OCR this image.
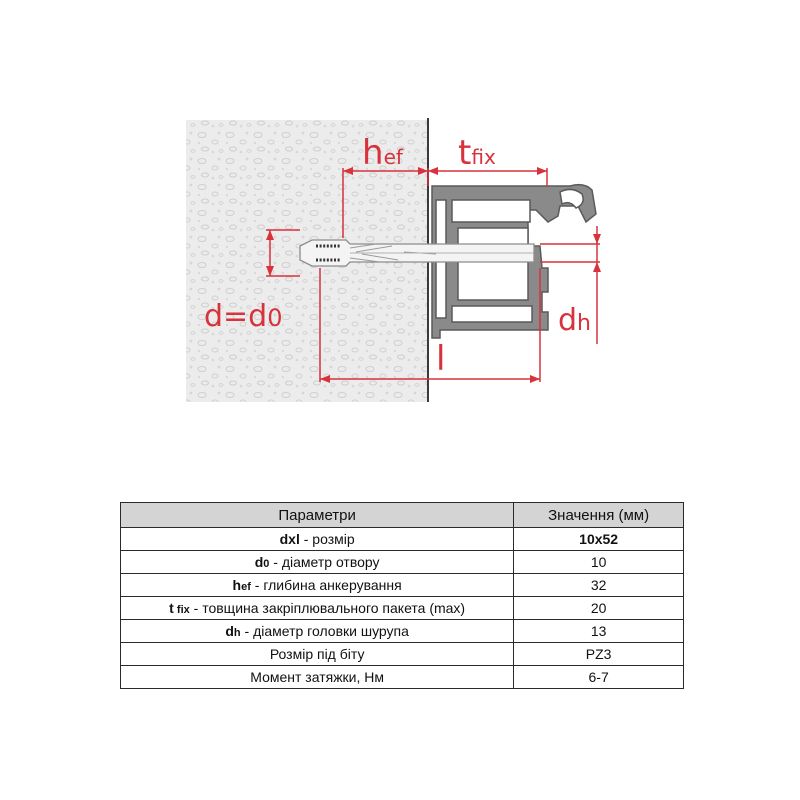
hef tfix
d=d0	dh
l
Параметри	Значення (мм)
dxl - розмір	10x52
d0 - діаметр отвору	10
hef - глибина анкерування	32
t fix - товщина закріплювального пакета (max)	20
dh - діаметр головки шурупа	13
Розмір під біту	PZ3
Момент затяжки, Нм	6-7
